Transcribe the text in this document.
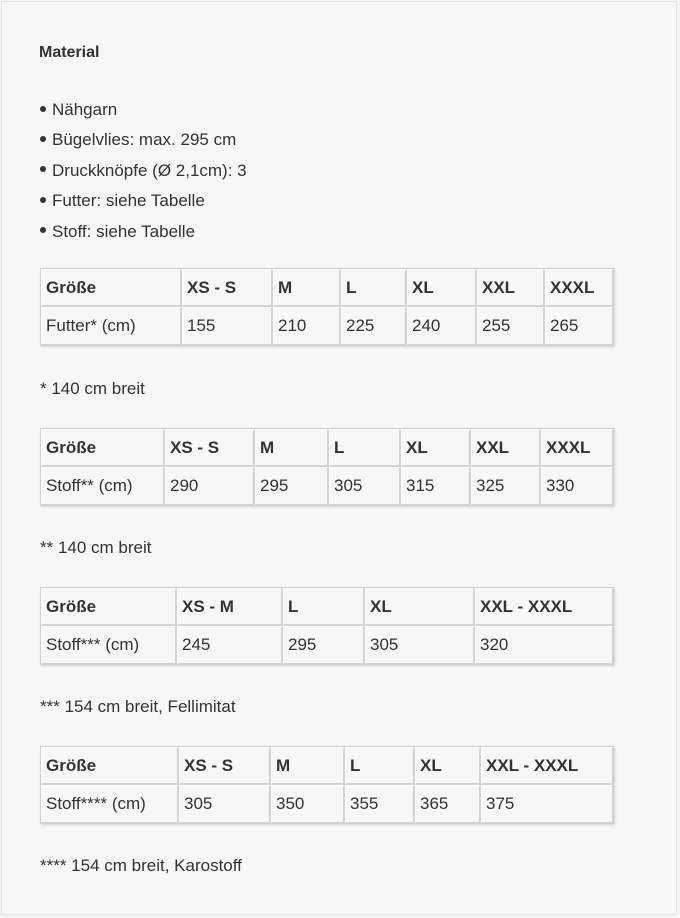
Material
Nähgarn
Bügelvlies: max. 295 cm
Druckknöpfe (Ø 2,1cm): 3
Futter: siehe Tabelle
Stoff: siehe Tabelle
Größe	XS - S	M	L	XL	XXL	XXXL
Futter* (cm)	155	210	225	240	255	265
* 140 cm breit
Größe	XS - S	M	L	XL	XXL	XXXL
Stoff** (cm)	290	295	305	315	325	330
** 140 cm breit
Größe	XS - M	L	XL	XXL - XXXL
Stoff*** (cm)	245	295	305	320
*** 154 cm breit, Fellimitat
Größe	XS - S	M	L	XL	XXL - XXXL
Stoff**** (cm)	305	350	355	365	375
**** 154 cm breit, Karostoff
